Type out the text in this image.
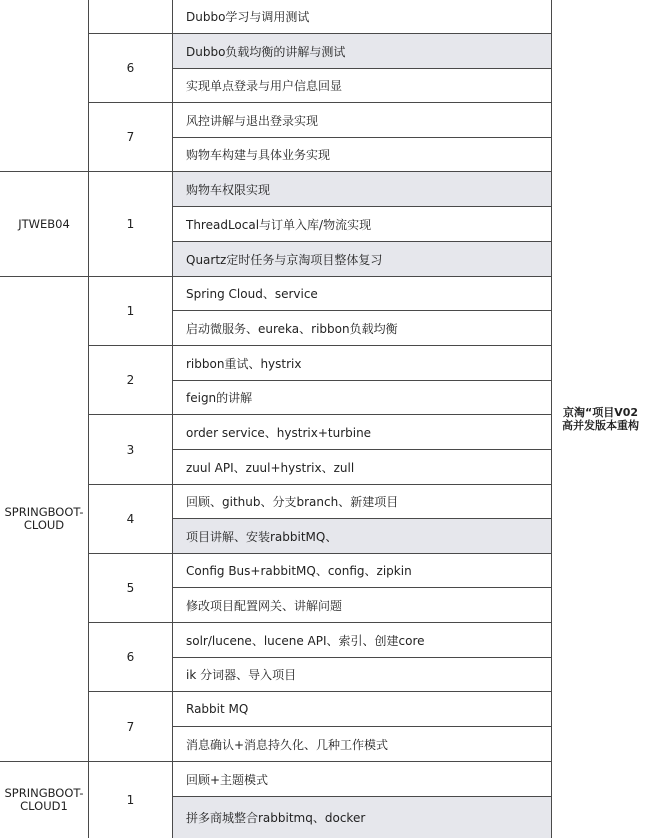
JTWEB04
SPRINGBOOT-
CLOUD
SPRINGBOOT-
CLOUD1
6
7
1
1
2
3
4
5
6
7
1
Dubbo学习与调用测试
Dubbo负载均衡的讲解与测试
实现单点登录与用户信息回显
风控讲解与退出登录实现
购物车构建与具体业务实现
购物车权限实现
ThreadLocal与订单入库/物流实现
Quartz定时任务与京淘项目整体复习
Spring Cloud、service
启动微服务、eureka、ribbon负载均衡
ribbon重试、hystrix
feign的讲解
order service、hystrix+turbine
zuul API、zuul+hystrix、zull
回顾、github、分支branch、新建项目
项目讲解、安装rabbitMQ、
Config Bus+rabbitMQ、config、zipkin
修改项目配置网关、讲解问题
solr/lucene、lucene API、索引、创建core
ik 分词器、导入项目
Rabbit MQ
消息确认+消息持久化、几种工作模式
回顾+主题模式
拼多商城整合rabbitmq、docker
京淘“项目V02
高并发版本重构
